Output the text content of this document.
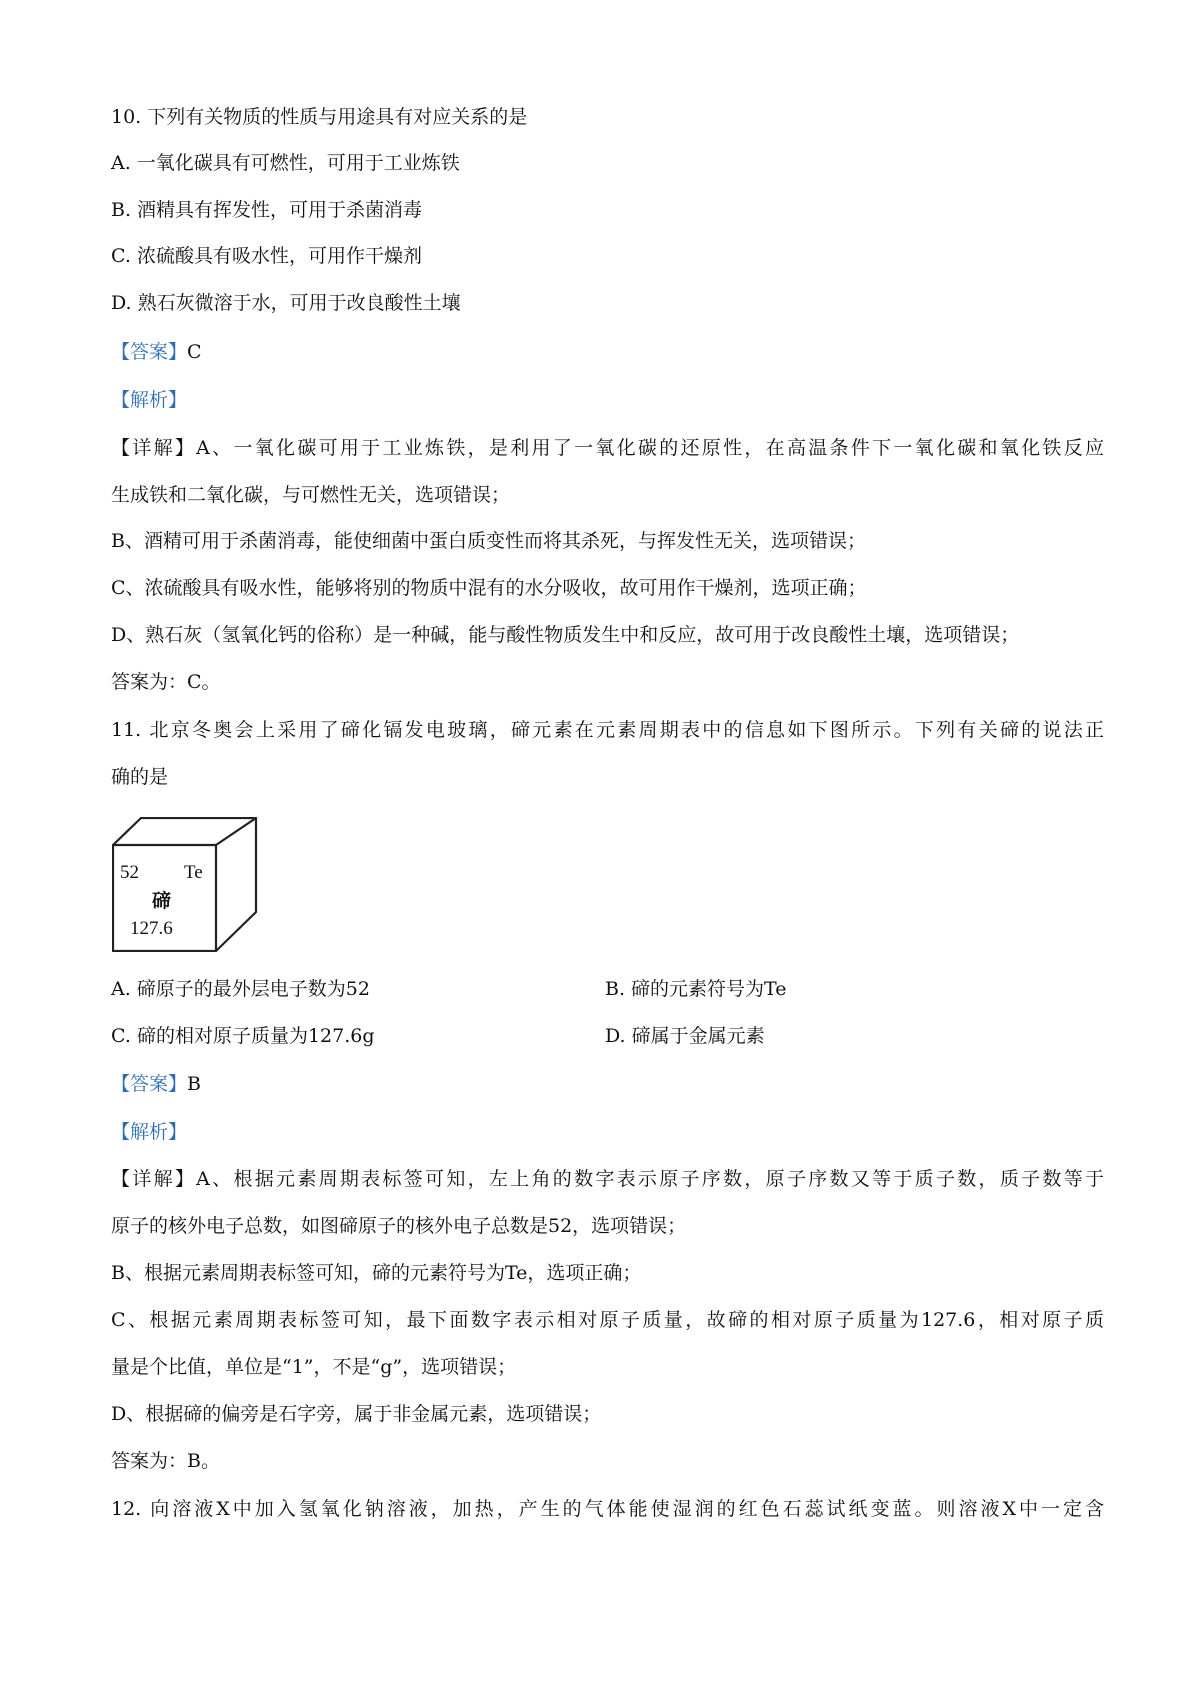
10. 下列有关物质的性质与用途具有对应关系的是
A. 一氧化碳具有可燃性，可用于工业炼铁
B. 酒精具有挥发性，可用于杀菌消毒
C. 浓硫酸具有吸水性，可用作干燥剂
D. 熟石灰微溶于水，可用于改良酸性土壤
【答案】C
【解析】
【详解】A、一氧化碳可用于工业炼铁，是利用了一氧化碳的还原性，在高温条件下一氧化碳和氧化铁反应
生成铁和二氧化碳，与可燃性无关，选项错误；
B、酒精可用于杀菌消毒，能使细菌中蛋白质变性而将其杀死，与挥发性无关，选项错误；
C、浓硫酸具有吸水性，能够将别的物质中混有的水分吸收，故可用作干燥剂，选项正确；
D、熟石灰（氢氧化钙的俗称）是一种碱，能与酸性物质发生中和反应，故可用于改良酸性土壤，选项错误；
答案为：C。
11. 北京冬奥会上采用了碲化镉发电玻璃，碲元素在元素周期表中的信息如下图所示。下列有关碲的说法正
确的是
52 Te
碲
127.6
A. 碲原子的最外层电子数为52	B. 碲的元素符号为Te
C. 碲的相对原子质量为127.6g	D. 碲属于金属元素
【答案】B
【解析】
【详解】A、根据元素周期表标签可知，左上角的数字表示原子序数，原子序数又等于质子数，质子数等于
原子的核外电子总数，如图碲原子的核外电子总数是52，选项错误；
B、根据元素周期表标签可知，碲的元素符号为Te，选项正确；
C、根据元素周期表标签可知，最下面数字表示相对原子质量，故碲的相对原子质量为127.6，相对原子质
量是个比值，单位是“1”，不是“g”，选项错误；
D、根据碲的偏旁是石字旁，属于非金属元素，选项错误；
答案为：B。
12. 向溶液X中加入氢氧化钠溶液，加热，产生的气体能使湿润的红色石蕊试纸变蓝。则溶液X中一定含
